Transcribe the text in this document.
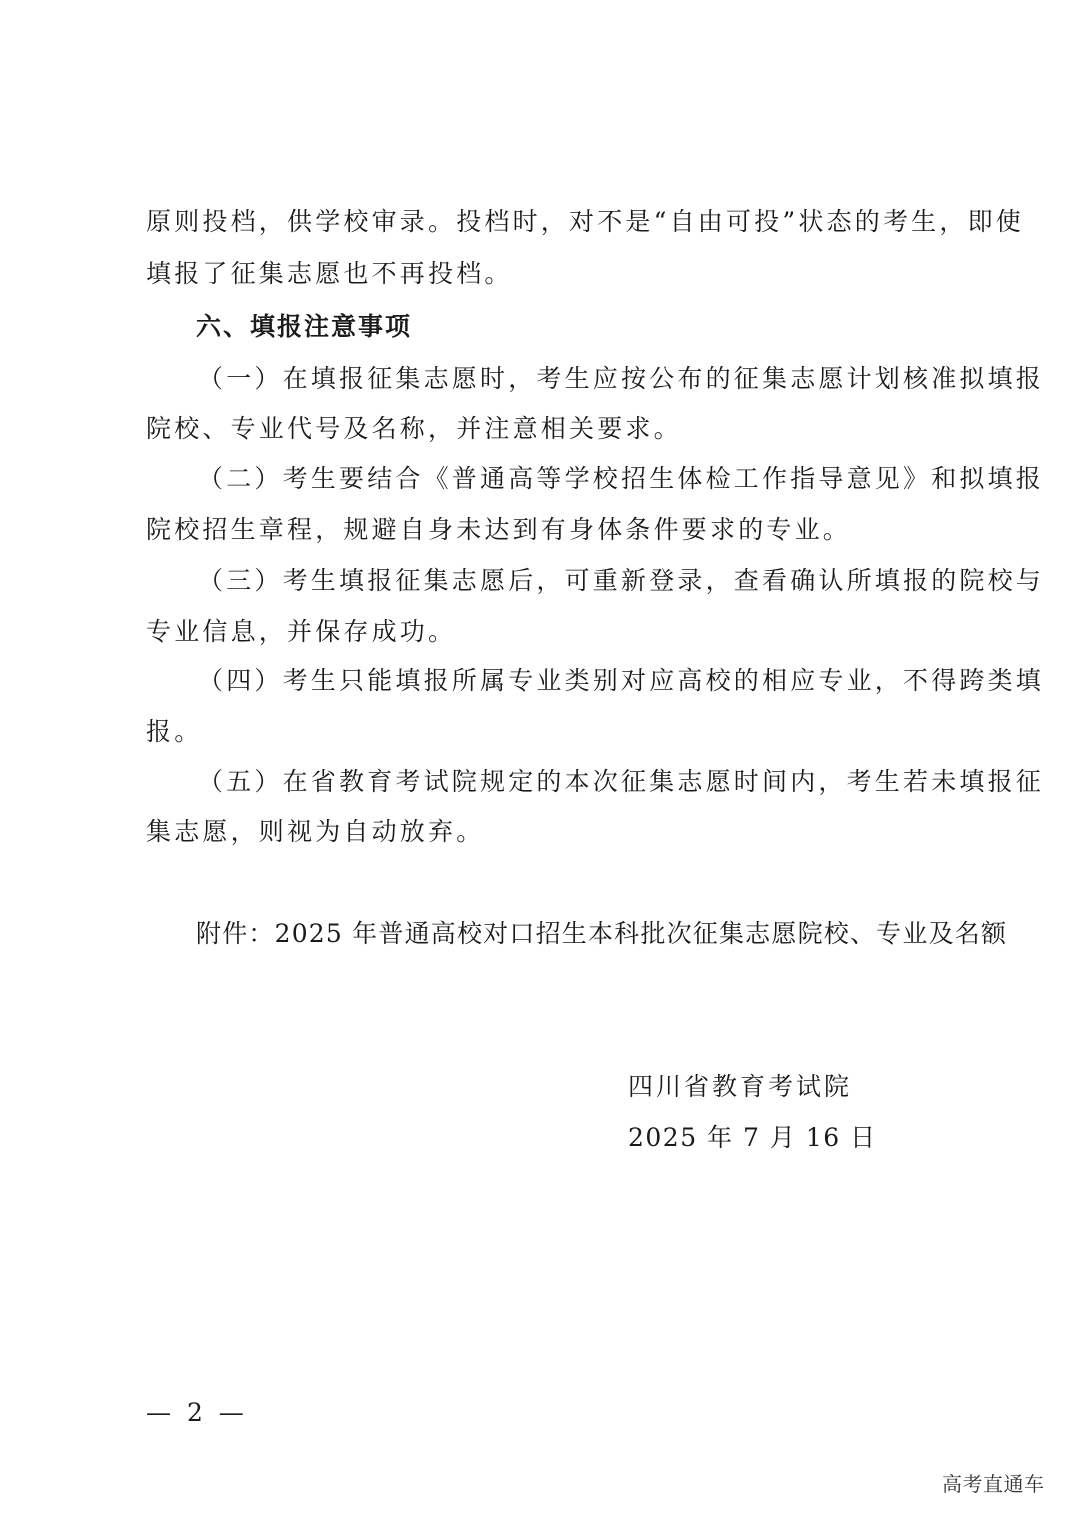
原则投档，供学校审录。投档时，对不是“自由可投”状态的考生，即使
填报了征集志愿也不再投档。
六、填报注意事项
（一）在填报征集志愿时，考生应按公布的征集志愿计划核准拟填报
院校、专业代号及名称，并注意相关要求。
（二）考生要结合《普通高等学校招生体检工作指导意见》和拟填报
院校招生章程，规避自身未达到有身体条件要求的专业。
（三）考生填报征集志愿后，可重新登录，查看确认所填报的院校与
专业信息，并保存成功。
（四）考生只能填报所属专业类别对应高校的相应专业，不得跨类填
报。
（五）在省教育考试院规定的本次征集志愿时间内，考生若未填报征
集志愿，则视为自动放弃。
附件：2025 年普通高校对口招生本科批次征集志愿院校、专业及名额
四川省教育考试院
2025 年 7 月 16 日
— 2 —
高考直通车
